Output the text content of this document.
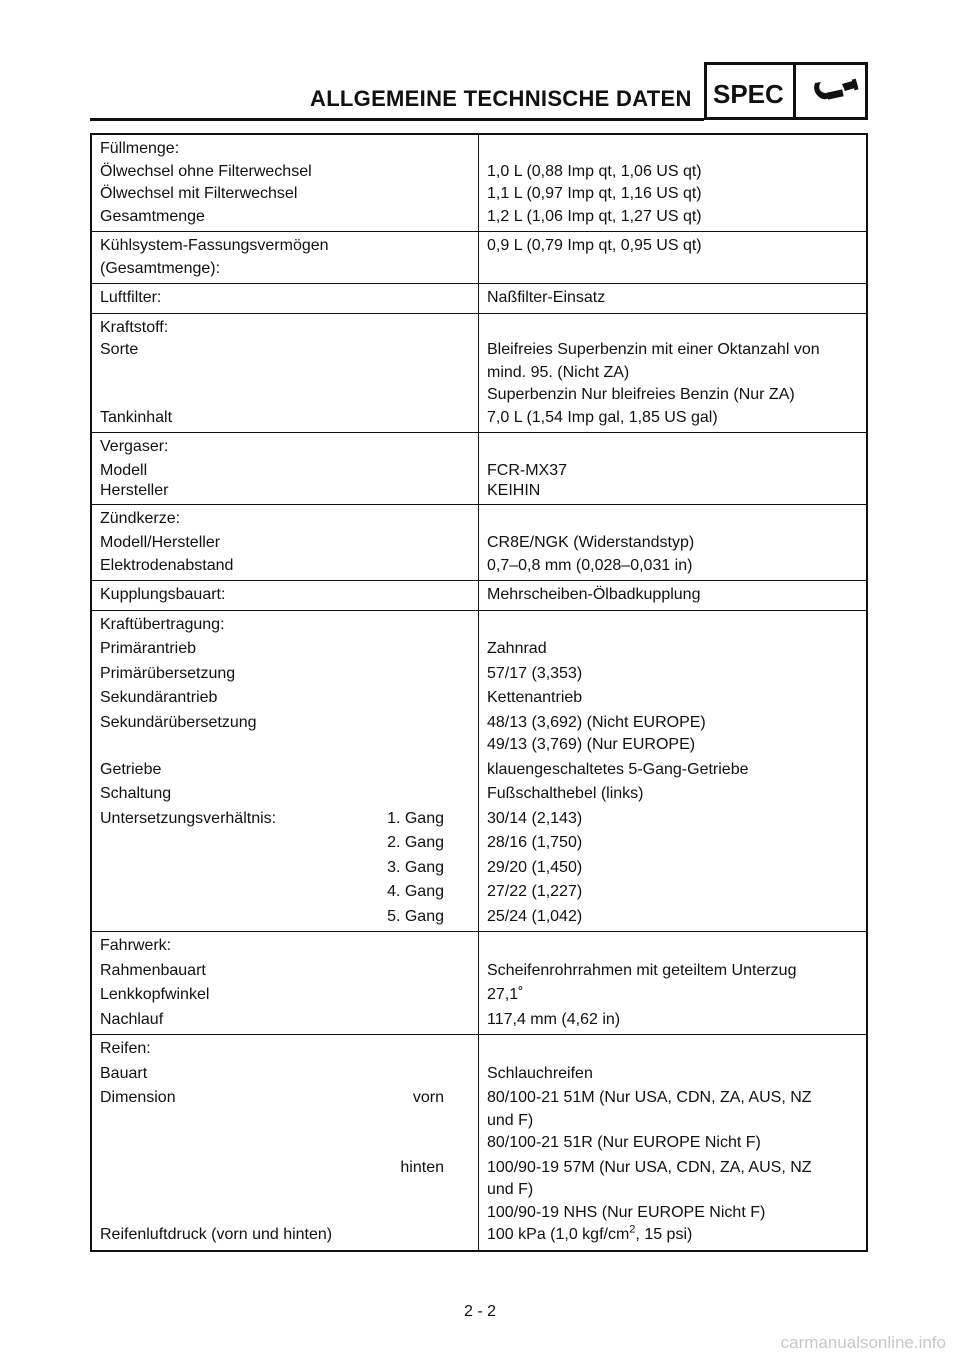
ALLGEMEINE TECHNISCHE DATEN SPEC
Füllmenge:	
Ölwechsel ohne Filterwechsel	1,0 L (0,88 Imp qt, 1,06 US qt)
Ölwechsel mit Filterwechsel	1,1 L (0,97 Imp qt, 1,16 US qt)
Gesamtmenge	1,2 L (1,06 Imp qt, 1,27 US qt)

Kühlsystem-Fassungsvermögen
(Gesamtmenge):	0,9 L (0,79 Imp qt, 0,95 US qt)
Luftfilter:	Naßfilter-Einsatz
Kraftstoff:	
Sorte	Bleifreies Superbenzin mit einer Oktanzahl von
mind. 95. (Nicht ZA)
Superbenzin Nur bleifreies Benzin (Nur ZA)

Tankinhalt	7,0 L (1,54 Imp gal, 1,85 US gal)
Vergaser:	
Modell	FCR-MX37
Hersteller	KEIHIN
Zündkerze:	
Modell/Hersteller	CR8E/NGK (Widerstandstyp)
Elektrodenabstand	0,7–0,8 mm (0,028–0,031 in)
Kupplungsbauart:	Mehrscheiben-Ölbadkupplung
Kraftübertragung:	
Primärantrieb	Zahnrad
Primärübersetzung	57/17 (3,353)
Sekundärantrieb	Kettenantrieb
Sekundärübersetzung	48/13 (3,692) (Nicht EUROPE)
49/13 (3,769) (Nur EUROPE)

Getriebe	klauengeschaltetes 5-Gang-Getriebe
Schaltung	Fußschalthebel (links)
Untersetzungsverhältnis: 1. Gang	30/14 (2,143)

2. Gang	28/16 (1,750)

3. Gang	29/20 (1,450)

4. Gang	27/22 (1,227)

5. Gang	25/24 (1,042)
Fahrwerk:	
Rahmenbauart	Scheifenrohrrahmen mit geteiltem Unterzug
Lenkkopfwinkel	27,1˚
Nachlauf	117,4 mm (4,62 in)
Reifen:	
Bauart	Schlauchreifen
Dimension vorn	80/100-21 51M (Nur USA, CDN, ZA, AUS, NZ
und F)
80/100-21 51R (Nur EUROPE Nicht F)

hinten	100/90-19 57M (Nur USA, CDN, ZA, AUS, NZ
und F)
100/90-19 NHS (Nur EUROPE Nicht F)

Reifenluftdruck (vorn und hinten)	100 kPa (1,0 kgf/$cm^2$, 15 psi)
2 - 2
carmanualsonline.info
